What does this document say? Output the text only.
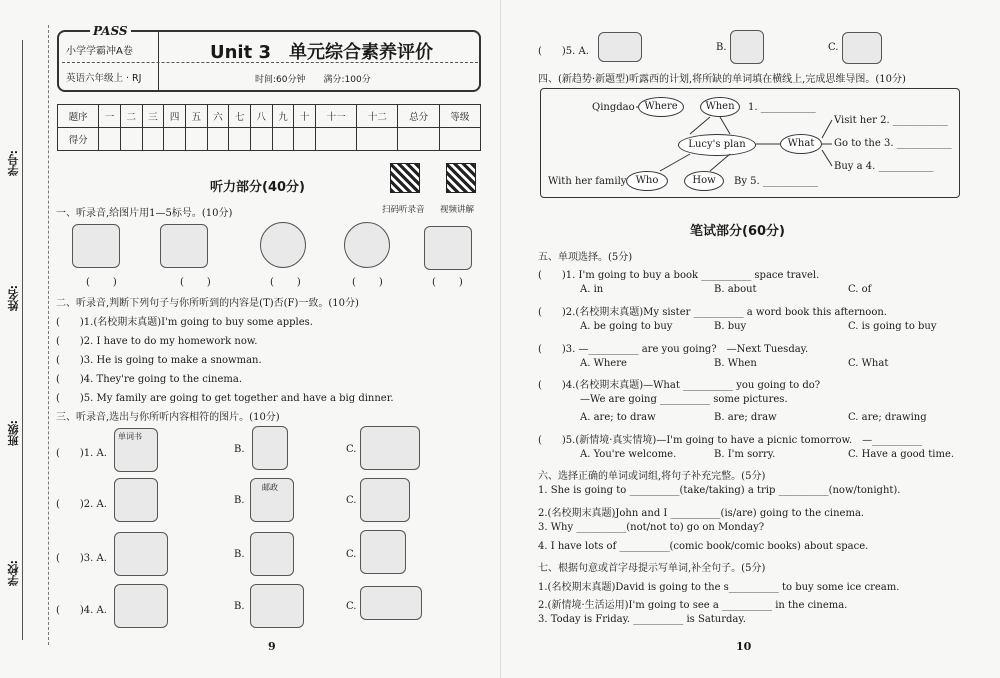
学号:
姓名:
班级:
学校:
PASS
小学学霸冲A卷
英语六年级上 · RJ
Unit 3　单元综合素养评价
时间:60分钟　　满分:100分
题序	一	二	三	四	五	六	七	八	九	十	十一	十二	总分	等级
得分														
听力部分(40分)
扫码听录音 视频讲解
一、听录音,给图片用1—5标号。(10分)
(　　)	(　　)	(　　)	(　　)	(　　)
二、听录音,判断下列句子与你所听到的内容是(T)否(F)一致。(10分)
(　　)1.(名校期末真题)I'm going to buy some apples.
(　　)2. I have to do my homework now.
(　　)3. He is going to make a snowman.
(　　)4. They're going to the cinema.
(　　)5. My family are going to get together and have a big dinner.
三、听录音,选出与你所听内容相符的图片。(10分)
(　　)1. A.
单词书
B.	C.
(　　)2. A.	B.
邮政
C.
(　　)3. A.	B.	C.
(　　)4. A.	B.	C.
9
(　　)5. A.	B.	C.
四、(新趋势·新题型)听露西的计划,将所缺的单词填在横线上,完成思维导图。(10分)
Qingdao Where	When	1. ___________
Lucy's plan	What
Visit her 2. ___________
Go to the 3. ___________
Buy a 4. ___________
With her family Who	How	By 5. ___________
笔试部分(60分)
五、单项选择。(5分)
(　　)1. I'm going to buy a book __________ space travel.
A. in	B. about	C. of
(　　)2.(名校期末真题)My sister __________ a word book this afternoon.
A. be going to buy	B. buy	C. is going to buy
(　　)3. —__________ are you going?　—Next Tuesday.
A. Where	B. When	C. What
(　　)4.(名校期末真题)—What __________ you going to do?
—We are going __________ some pictures.
A. are; to draw	B. are; draw	C. are; drawing
(　　)5.(新情境·真实情境)—I'm going to have a picnic tomorrow.　—__________
A. You're welcome.	B. I'm sorry.	C. Have a good time.
六、选择正确的单词或词组,将句子补充完整。(5分)
1. She is going to __________(take/taking) a trip __________(now/tonight).
2.(名校期末真题)John and I __________(is/are) going to the cinema.
3. Why __________(not/not to) go on Monday?
4. I have lots of __________(comic book/comic books) about space.
七、根据句意或首字母提示写单词,补全句子。(5分)
1.(名校期末真题)David is going to the s__________ to buy some ice cream.
2.(新情境·生活运用)I'm going to see a __________ in the cinema.
3. Today is Friday. __________ is Saturday.
10
